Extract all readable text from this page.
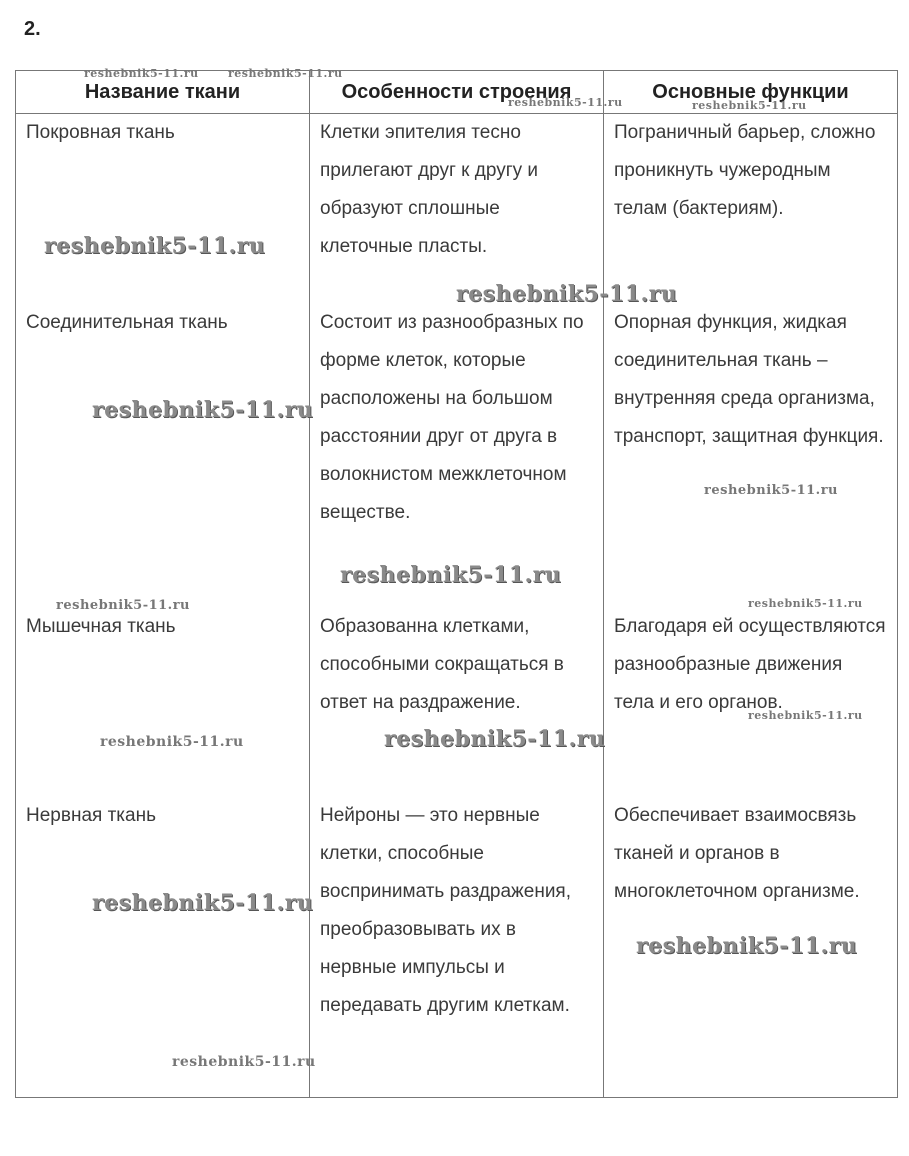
2.
Название ткани	Особенности строения	Основные функции
Покровная ткань	Клетки эпителия тесно прилегают друг к другу и образуют сплошные клеточные пласты.	Пограничный барьер, сложно проникнуть чужеродным телам (бактериям).
Соединительная ткань	Состоит из разнообразных по форме клеток, которые расположены на большом расстоянии друг от друга в волокнистом межклеточном веществе.	Опорная функция, жидкая соединительная ткань – внутренняя среда организма, транспорт, защитная функция.
Мышечная ткань	Образованна клетками, способными сокращаться в ответ на раздражение.	Благодаря ей осуществляются разнообразные движения тела и его органов.
Нервная ткань	Нейроны — это нервные клетки, способные воспринимать раздражения, преобразовывать их в нервные импульсы и передавать другим клеткам.	Обеспечивает взаимосвязь тканей и органов в многоклеточном организме.
reshebnik5-11.ru	reshebnik5-11.ru
reshebnik5-11.ru	reshebnik5-11.ru
reshebnik5-11.ru
reshebnik5-11.ru
reshebnik5-11.ru
reshebnik5-11.ru
reshebnik5-11.ru
reshebnik5-11.ru	reshebnik5-11.ru
reshebnik5-11.ru
reshebnik5-11.ru	reshebnik5-11.ru
reshebnik5-11.ru
reshebnik5-11.ru
reshebnik5-11.ru
